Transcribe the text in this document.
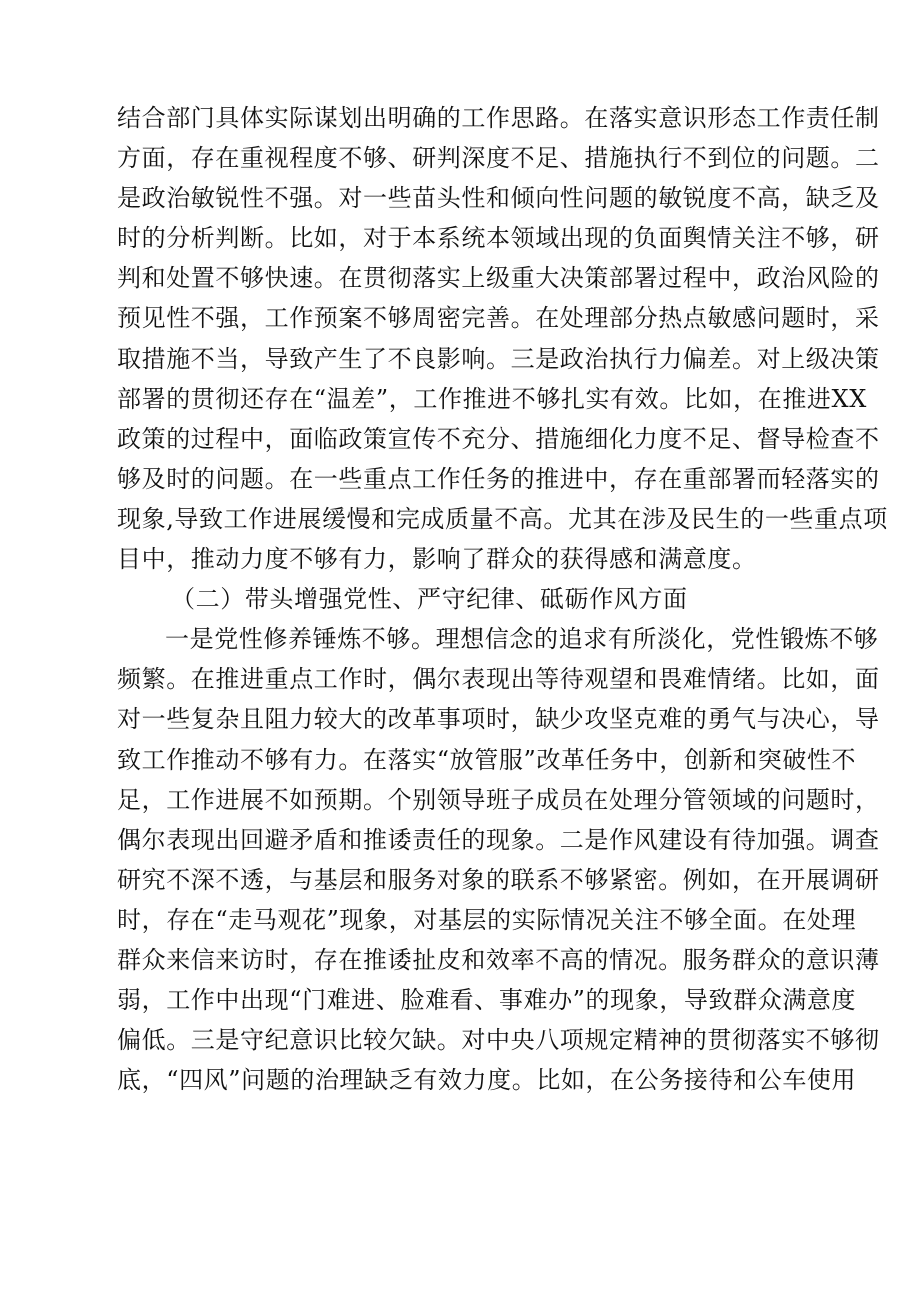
结合部门具体实际谋划出明确的工作思路。在落实意识形态工作责任制
方面，存在重视程度不够、研判深度不足、措施执行不到位的问题。二
是政治敏锐性不强。对一些苗头性和倾向性问题的敏锐度不高，缺乏及
时的分析判断。比如，对于本系统本领域出现的负面舆情关注不够，研
判和处置不够快速。在贯彻落实上级重大决策部署过程中，政治风险的
预见性不强，工作预案不够周密完善。在处理部分热点敏感问题时，采
取措施不当，导致产生了不良影响。三是政治执行力偏差。对上级决策
部署的贯彻还存在“温差”，工作推进不够扎实有效。比如，在推进XX
政策的过程中，面临政策宣传不充分、措施细化力度不足、督导检查不
够及时的问题。在一些重点工作任务的推进中，存在重部署而轻落实的
现象,导致工作进展缓慢和完成质量不高。尤其在涉及民生的一些重点项
目中，推动力度不够有力，影响了群众的获得感和满意度。
（二）带头增强党性、严守纪律、砥砺作风方面
一是党性修养锤炼不够。理想信念的追求有所淡化，党性锻炼不够
频繁。在推进重点工作时，偶尔表现出等待观望和畏难情绪。比如，面
对一些复杂且阻力较大的改革事项时，缺少攻坚克难的勇气与决心，导
致工作推动不够有力。在落实“放管服”改革任务中，创新和突破性不
足，工作进展不如预期。个别领导班子成员在处理分管领域的问题时，
偶尔表现出回避矛盾和推诿责任的现象。二是作风建设有待加强。调查
研究不深不透，与基层和服务对象的联系不够紧密。例如，在开展调研
时，存在“走马观花”现象，对基层的实际情况关注不够全面。在处理
群众来信来访时，存在推诿扯皮和效率不高的情况。服务群众的意识薄
弱，工作中出现“门难进、脸难看、事难办”的现象，导致群众满意度
偏低。三是守纪意识比较欠缺。对中央八项规定精神的贯彻落实不够彻
底，“四风”问题的治理缺乏有效力度。比如，在公务接待和公车使用
